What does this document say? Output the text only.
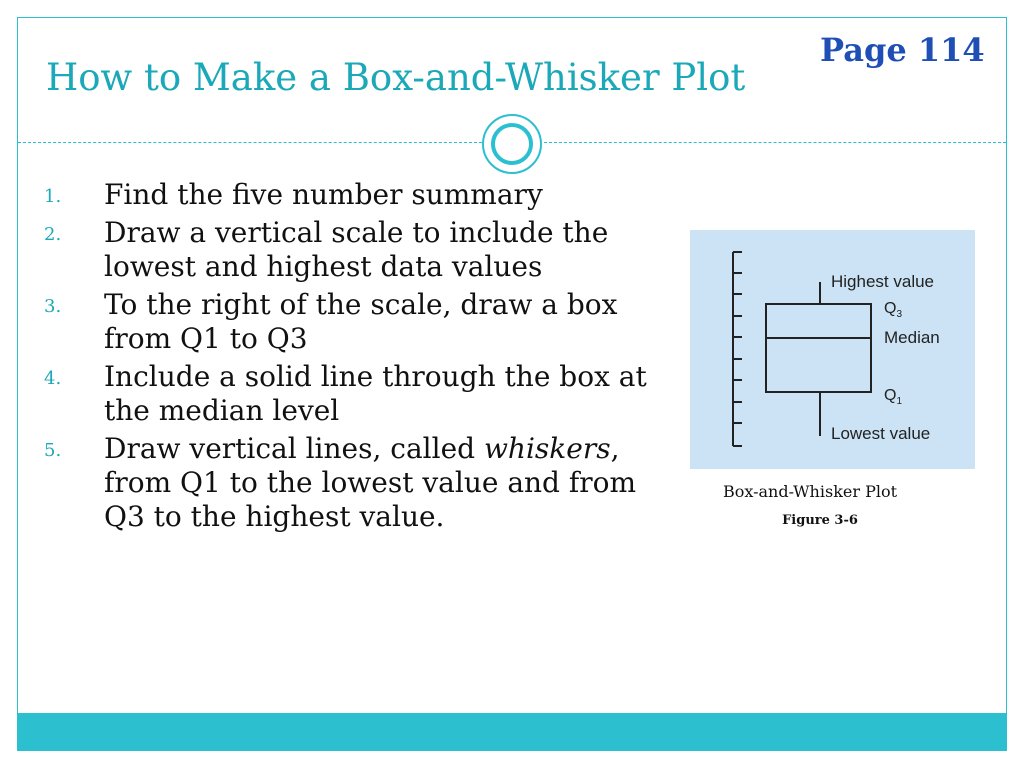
Page 114
How to Make a Box-and-Whisker Plot
1. Find the five number summary
2. Draw a vertical scale to include the lowest and highest data values
3. To the right of the scale, draw a box from Q1 to Q3
4. Include a solid line through the box at the median level
5. Draw vertical lines, called whiskers, from Q1 to the lowest value and from Q3 to the highest value.
Highest value
$Q_3$
Median
$Q_1$
Lowest value
Box-and-Whisker Plot
Figure 3-6
